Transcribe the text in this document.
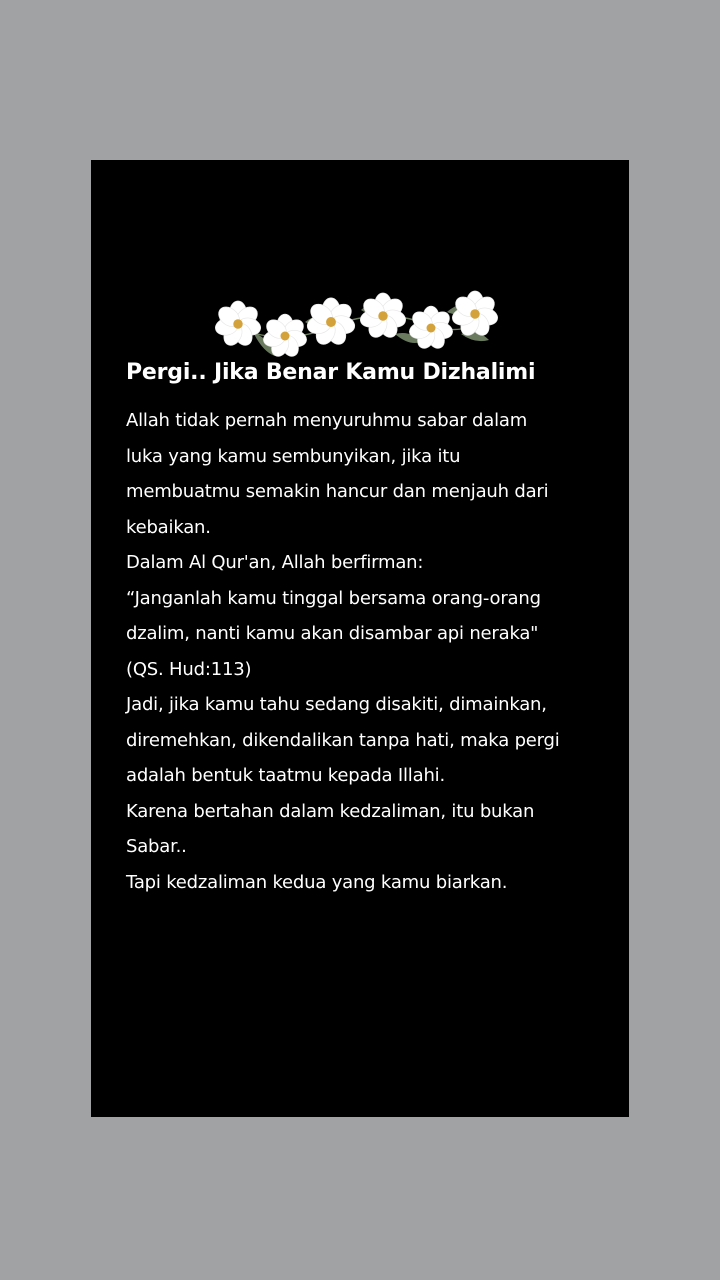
Pergi.. Jika Benar Kamu Dizhalimi
Allah tidak pernah menyuruhmu sabar dalam
luka yang kamu sembunyikan, jika itu
membuatmu semakin hancur dan menjauh dari
kebaikan.
Dalam Al Qur'an, Allah berfirman:
“Janganlah kamu tinggal bersama orang-orang
dzalim, nanti kamu akan disambar api neraka"
(QS. Hud:113)
Jadi, jika kamu tahu sedang disakiti, dimainkan,
diremehkan, dikendalikan tanpa hati, maka pergi
adalah bentuk taatmu kepada Illahi.
Karena bertahan dalam kedzaliman, itu bukan
Sabar..
Tapi kedzaliman kedua yang kamu biarkan.
